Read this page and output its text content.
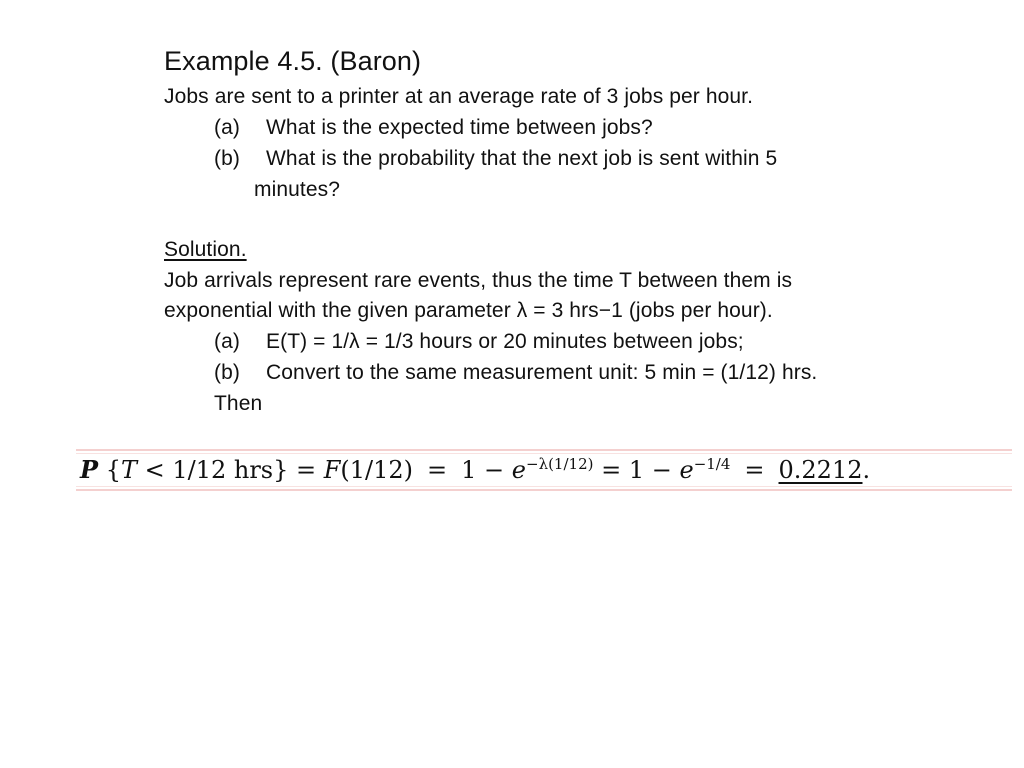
Example 4.5. (Baron)
Jobs are sent to a printer at an average rate of 3 jobs per hour.
(a) What is the expected time between jobs?
(b) What is the probability that the next job is sent within 5
minutes?
Solution.
Job arrivals represent rare events, thus the time T between them is
exponential with the given parameter λ = 3 hrs−1 (jobs per hour).
(a) E(T) = 1/λ = 1/3 hours or 20 minutes between jobs;
(b) Convert to the same measurement unit: 5 min = (1/12) hrs.
Then
P {T < 1/12 $hrs\} = F(1/12) = 1 - e^{-\lambda(1/12)} = 1 - e^{-1/4} = 0.2212$.
